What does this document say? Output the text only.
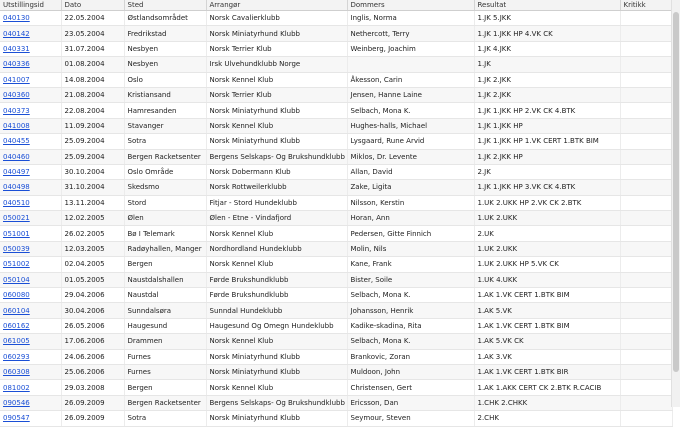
Utstillingsid	Dato	Sted	Arrangør	Dommers	Resultat	Kritikk
040130	22.05.2004	Østlandsområdet	Norsk Cavalierklubb	Inglis, Norma	1.JK 5.JKK	
040142	23.05.2004	Fredrikstad	Norsk Miniatyrhund Klubb	Nethercott, Terry	1.JK 1.JKK HP 4.VK CK	
040331	31.07.2004	Nesbyen	Norsk Terrier Klub	Weinberg, Joachim	1.JK 4.JKK	
040336	01.08.2004	Nesbyen	Irsk Ulvehundklubb Norge		1.JK	
041007	14.08.2004	Oslo	Norsk Kennel Klub	Åkesson, Carin	1.JK 2.JKK	
040360	21.08.2004	Kristiansand	Norsk Terrier Klub	Jensen, Hanne Laine	1.JK 2.JKK	
040373	22.08.2004	Hamresanden	Norsk Miniatyrhund Klubb	Selbach, Mona K.	1.JK 1.JKK HP 2.VK CK 4.BTK	
041008	11.09.2004	Stavanger	Norsk Kennel Klub	Hughes-halls, Michael	1.JK 1.JKK HP	
040455	25.09.2004	Sotra	Norsk Miniatyrhund Klubb	Lysgaard, Rune Arvid	1.JK 1.JKK HP 1.VK CERT 1.BTK BIM	
040460	25.09.2004	Bergen Racketsenter	Bergens Selskaps- Og Brukshundklubb	Miklos, Dr. Levente	1.JK 2.JKK HP	
040497	30.10.2004	Oslo Område	Norsk Dobermann Klub	Allan, David	2.JK	
040498	31.10.2004	Skedsmo	Norsk Rottweilerklubb	Zake, Ligita	1.JK 1.JKK HP 3.VK CK 4.BTK	
040510	13.11.2004	Stord	Fitjar - Stord Hundeklubb	Nilsson, Kerstin	1.UK 2.UKK HP 2.VK CK 2.BTK	
050021	12.02.2005	Ølen	Ølen - Etne - Vindafjord	Horan, Ann	1.UK 2.UKK	
051001	26.02.2005	Bø I Telemark	Norsk Kennel Klub	Pedersen, Gitte Finnich	2.UK	
050039	12.03.2005	Radøyhallen, Manger	Nordhordland Hundeklubb	Molin, Nils	1.UK 2.UKK	
051002	02.04.2005	Bergen	Norsk Kennel Klub	Kane, Frank	1.UK 2.UKK HP 5.VK CK	
050104	01.05.2005	Naustdalshallen	Førde Brukshundklubb	Bister, Soile	1.UK 4.UKK	
060080	29.04.2006	Naustdal	Førde Brukshundklubb	Selbach, Mona K.	1.AK 1.VK CERT 1.BTK BIM	
060104	30.04.2006	Sunndalsøra	Sunndal Hundeklubb	Johansson, Henrik	1.AK 5.VK	
060162	26.05.2006	Haugesund	Haugesund Og Omegn Hundeklubb	Kadike-skadina, Rita	1.AK 1.VK CERT 1.BTK BIM	
061005	17.06.2006	Drammen	Norsk Kennel Klub	Selbach, Mona K.	1.AK 5.VK CK	
060293	24.06.2006	Furnes	Norsk Miniatyrhund Klubb	Brankovic, Zoran	1.AK 3.VK	
060308	25.06.2006	Furnes	Norsk Miniatyrhund Klubb	Muldoon, John	1.AK 1.VK CERT 1.BTK BIR	
081002	29.03.2008	Bergen	Norsk Kennel Klub	Christensen, Gert	1.AK 1.AKK CERT CK 2.BTK R.CACIB	
090546	26.09.2009	Bergen Racketsenter	Bergens Selskaps- Og Brukshundklubb	Ericsson, Dan	1.CHK 2.CHKK	
090547	26.09.2009	Sotra	Norsk Miniatyrhund Klubb	Seymour, Steven	2.CHK	
